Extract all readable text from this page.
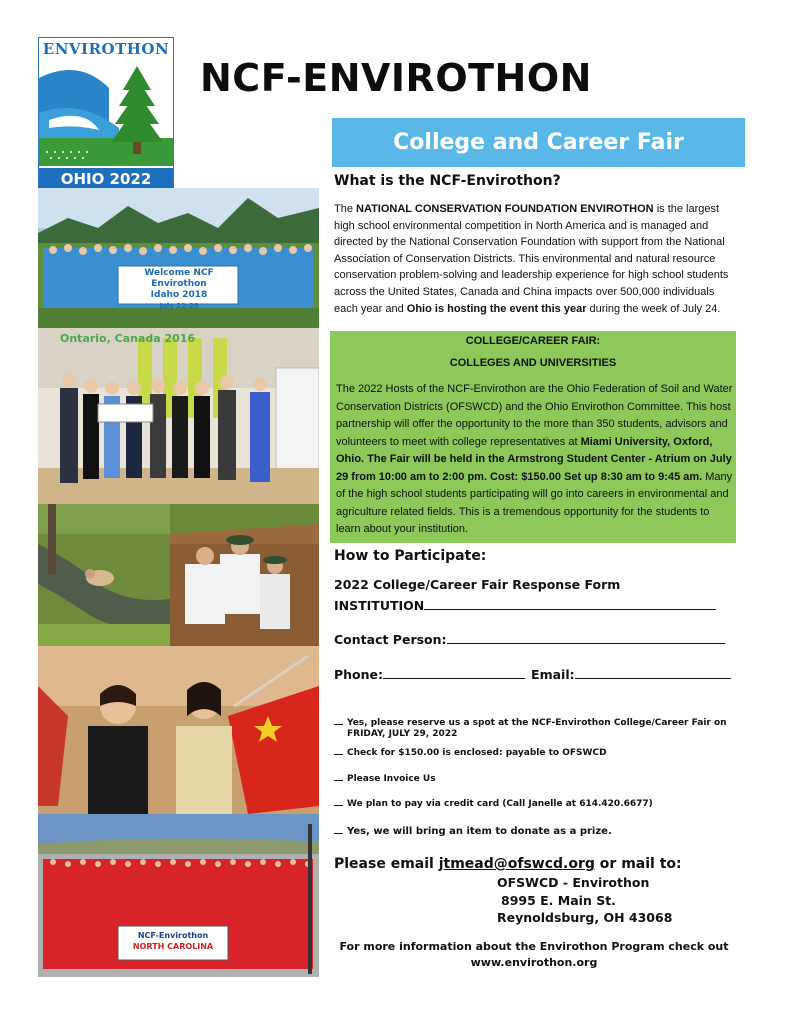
ENVIROTHON
OHIO 2022
NCF-ENVIROTHON
College and Career Fair
Welcome NCF Envirothon
Idaho 2018
July 22-28
Ontario, Canada 2016
NCF-Envirothon
NORTH CAROLINA
What is the NCF-Envirothon?
The NATIONAL CONSERVATION FOUNDATION ENVIROTHON is the largest high school environmental competition in North America and is managed and directed by the National Conservation Foundation with support from the National Association of Conservation Districts. This environmental and natural resource conservation problem-solving and leadership experience for high school students across the United States, Canada and China impacts over 500,000 individuals each year and Ohio is hosting the event this year during the week of July 24.
COLLEGE/CAREER FAIR:
COLLEGES AND UNIVERSITIES
The 2022 Hosts of the NCF-Envirothon are the Ohio Federation of Soil and Water Conservation Districts (OFSWCD) and the Ohio Envirothon Committee. This host partnership will offer the opportunity to the more than 350 students, advisors and volunteers to meet with college representatives at Miami University, Oxford, Ohio. The Fair will be held in the Armstrong Student Center - Atrium on July 29 from 10:00 am to 2:00 pm. Cost: $150.00 Set up 8:30 am to 9:45 am. Many of the high school students participating will go into careers in environmental and agriculture related fields. This is a tremendous opportunity for the students to learn about your institution.
How to Participate:
2022 College/Career Fair Response Form
INSTITUTION
Contact Person:
Phone:	Email:
Yes, please reserve us a spot at the NCF-Envirothon College/Career Fair on
FRIDAY, JULY 29, 2022
Check for $150.00 is enclosed: payable to OFSWCD
Please Invoice Us
We plan to pay via credit card (Call Janelle at 614.420.6677)
Yes, we will bring an item to donate as a prize.
Please email jtmead@ofswcd.org or mail to:
OFSWCD - Envirothon
8995 E. Main St.
Reynoldsburg, OH 43068
For more information about the Envirothon Program check out
www.envirothon.org
